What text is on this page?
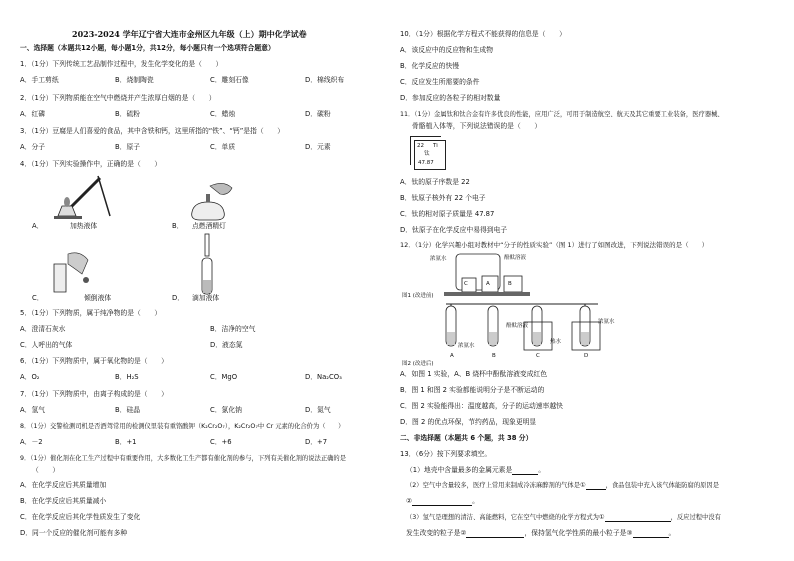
2023-2024 学年辽宁省大连市金州区九年级（上）期中化学试卷
一、选择题（本题共12小题，每小题1分，共12分，每小题只有一个选项符合题意）
1．（1分）下列传统工艺品制作过程中，发生化学变化的是（　　）
A．手工剪纸	B．烧制陶瓷	C．雕刻石像	D．棉线织布
2．（1分）下列物质能在空气中燃烧并产生浓厚白烟的是（　　）
A．红磷	B．硫粉	C．蜡烛	D．碳粉
3．（1分）豆腐是人们喜爱的食品，其中含铁和钙，这里所指的“铁”、“钙”是指（　　）
A．分子	B．原子	C．单质	D．元素
4．（1分）下列实验操作中，正确的是（　　）
A．	加热液体	B． 点燃酒精灯
C．	倾倒液体	D． 滴加液体
5．（1分）下列物质，属于纯净物的是（　　）
A．澄清石灰水	B．洁净的空气
C．人呼出的气体	D．液态氮
6．（1分）下列物质中，属于氧化物的是（　　）
A．O₂	B．H₂S	C．MgO	D．Na₂CO₃
7．（1分）下列物质中，由离子构成的是（　　）
A．氢气	B．硅晶	C．氯化钠	D．氮气
8．（1分）交警检测司机是否酒驾常用的检测仪里装有重铬酸钾（K₂Cr₂O₇），K₂Cr₂O₇中 Cr 元素的化合价为（　　）
A．－2	B．+1	C．+6	D．+7
9．（1分）催化剂在化工生产过程中有重要作用，大多数化工生产都有催化剂的参与，下列有关催化剂的说法正确的是
（　　）
A．在化学反应后其质量增加
B．在化学反应后其质量减小
C．在化学反应后其化学性质发生了变化
D．同一个反应的催化剂可能有多种
10．（1分）根据化学方程式不能获得的信息是（　　）
A．该反应中的反应物和生成物
B．化学反应的快慢
C．反应发生所需要的条件
D．参加反应的各粒子的相对数量
11．（1分）金属钛和钛合金有许多优良的性能，应用广泛，可用于制造航空、航天及其它重要工业装备，医疗器械、
骨骼植入体等，下列说法错误的是（　　）
22 Ti
钛
47.87
A．钛的原子序数是 22
B．钛原子核外有 22 个电子
C．钛的相对原子质量是 47.87
D．钛原子在化学反应中易得到电子
12．（1分）化学兴趣小组对教材中“分子的性质实验”（图 1）进行了如图改进，下列说法错误的是（　　）
浓氨水	酚酞溶液
C	A	B
图1 (改进前)
浓氨水
酚酞溶液
热水
浓氨水
A	B	C	D
图2 (改进后)
A．如图 1 实验，A、B 烧杯中酚酞溶液变成红色
B．图 1 和图 2 实验都能说明分子是不断运动的
C．图 2 实验能得出：温度越高，分子的运动速率越快
D．图 2 的优点环保，节约药品，现象更明显
二、非选择题（本题共 6 个题，共 38 分）
13．（6分）按下列要求填空。
（1）地壳中含量最多的金属元素是	。
（2）空气中含量较多，医疗上常用来制成冷冻麻醉剂的气体是①	，食品包装中充入该气体能防腐的原因是
②	。
（3）氢气是理想的清洁、高能燃料，它在空气中燃烧的化学方程式为①	，反应过程中没有
发生改变的粒子是②	，保持氢气化学性质的最小粒子是③	。
